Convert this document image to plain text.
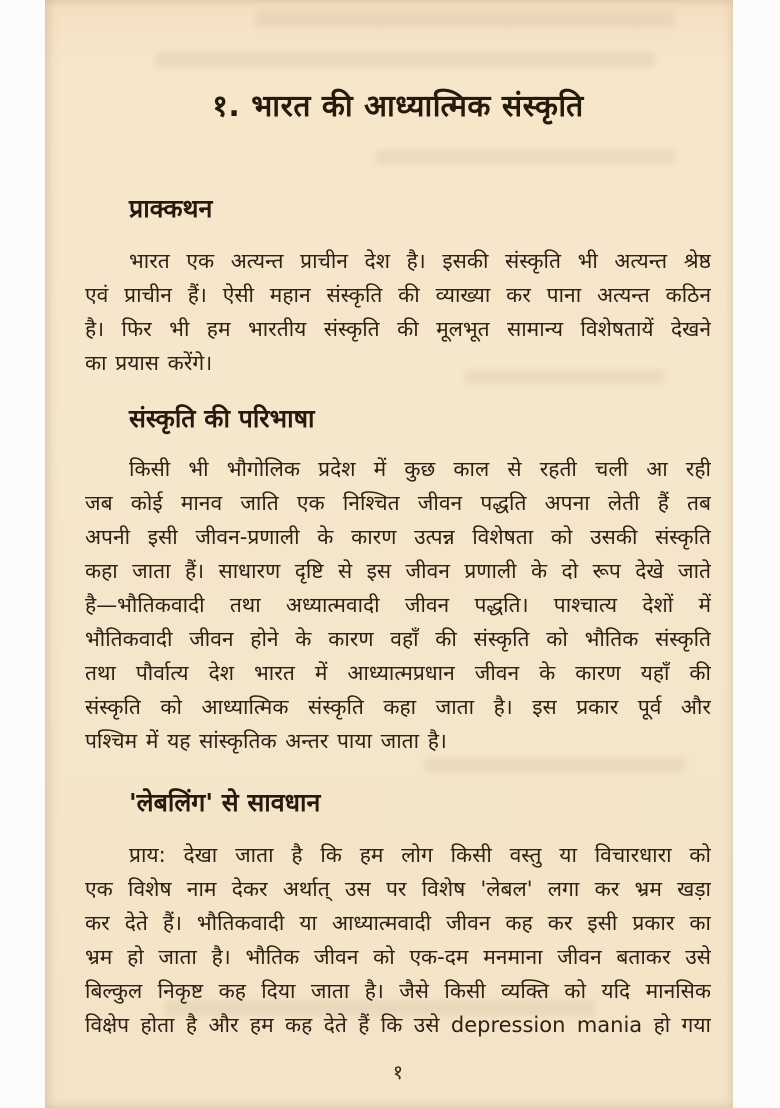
१. भारत की आध्यात्मिक संस्कृति
प्राक्कथन
भारत एक अत्यन्त प्राचीन देश है। इसकी संस्कृति भी अत्यन्त श्रेष्ठ
एवं प्राचीन हैं। ऐसी महान संस्कृति की व्याख्या कर पाना अत्यन्त कठिन
है। फिर भी हम भारतीय संस्कृति की मूलभूत सामान्य विशेषतायें देखने
का प्रयास करेंगे।
संस्कृति की परिभाषा
किसी भी भौगोलिक प्रदेश में कुछ काल से रहती चली आ रही
जब कोई मानव जाति एक निश्चित जीवन पद्धति अपना लेती हैं तब
अपनी इसी जीवन-प्रणाली के कारण उत्पन्न विशेषता को उसकी संस्कृति
कहा जाता हैं। साधारण दृष्टि से इस जीवन प्रणाली के दो रूप देखे जाते
है—भौतिकवादी तथा अध्यात्मवादी जीवन पद्धति। पाश्चात्य देशों में
भौतिकवादी जीवन होने के कारण वहाँ की संस्कृति को भौतिक संस्कृति
तथा पौर्वात्य देश भारत में आध्यात्मप्रधान जीवन के कारण यहाँ की
संस्कृति को आध्यात्मिक संस्कृति कहा जाता है। इस प्रकार पूर्व और
पश्चिम में यह सांस्कृतिक अन्तर पाया जाता है।
'लेबलिंग' से सावधान
प्राय: देखा जाता है कि हम लोग किसी वस्तु या विचारधारा को
एक विशेष नाम देकर अर्थात् उस पर विशेष 'लेबल' लगा कर भ्रम खड़ा
कर देते हैं। भौतिकवादी या आध्यात्मवादी जीवन कह कर इसी प्रकार का
भ्रम हो जाता है। भौतिक जीवन को एक-दम मनमाना जीवन बताकर उसे
बिल्कुल निकृष्ट कह दिया जाता है। जैसे किसी व्यक्ति को यदि मानसिक
विक्षेप होता है और हम कह देते हैं कि उसे depression mania हो गया
१
